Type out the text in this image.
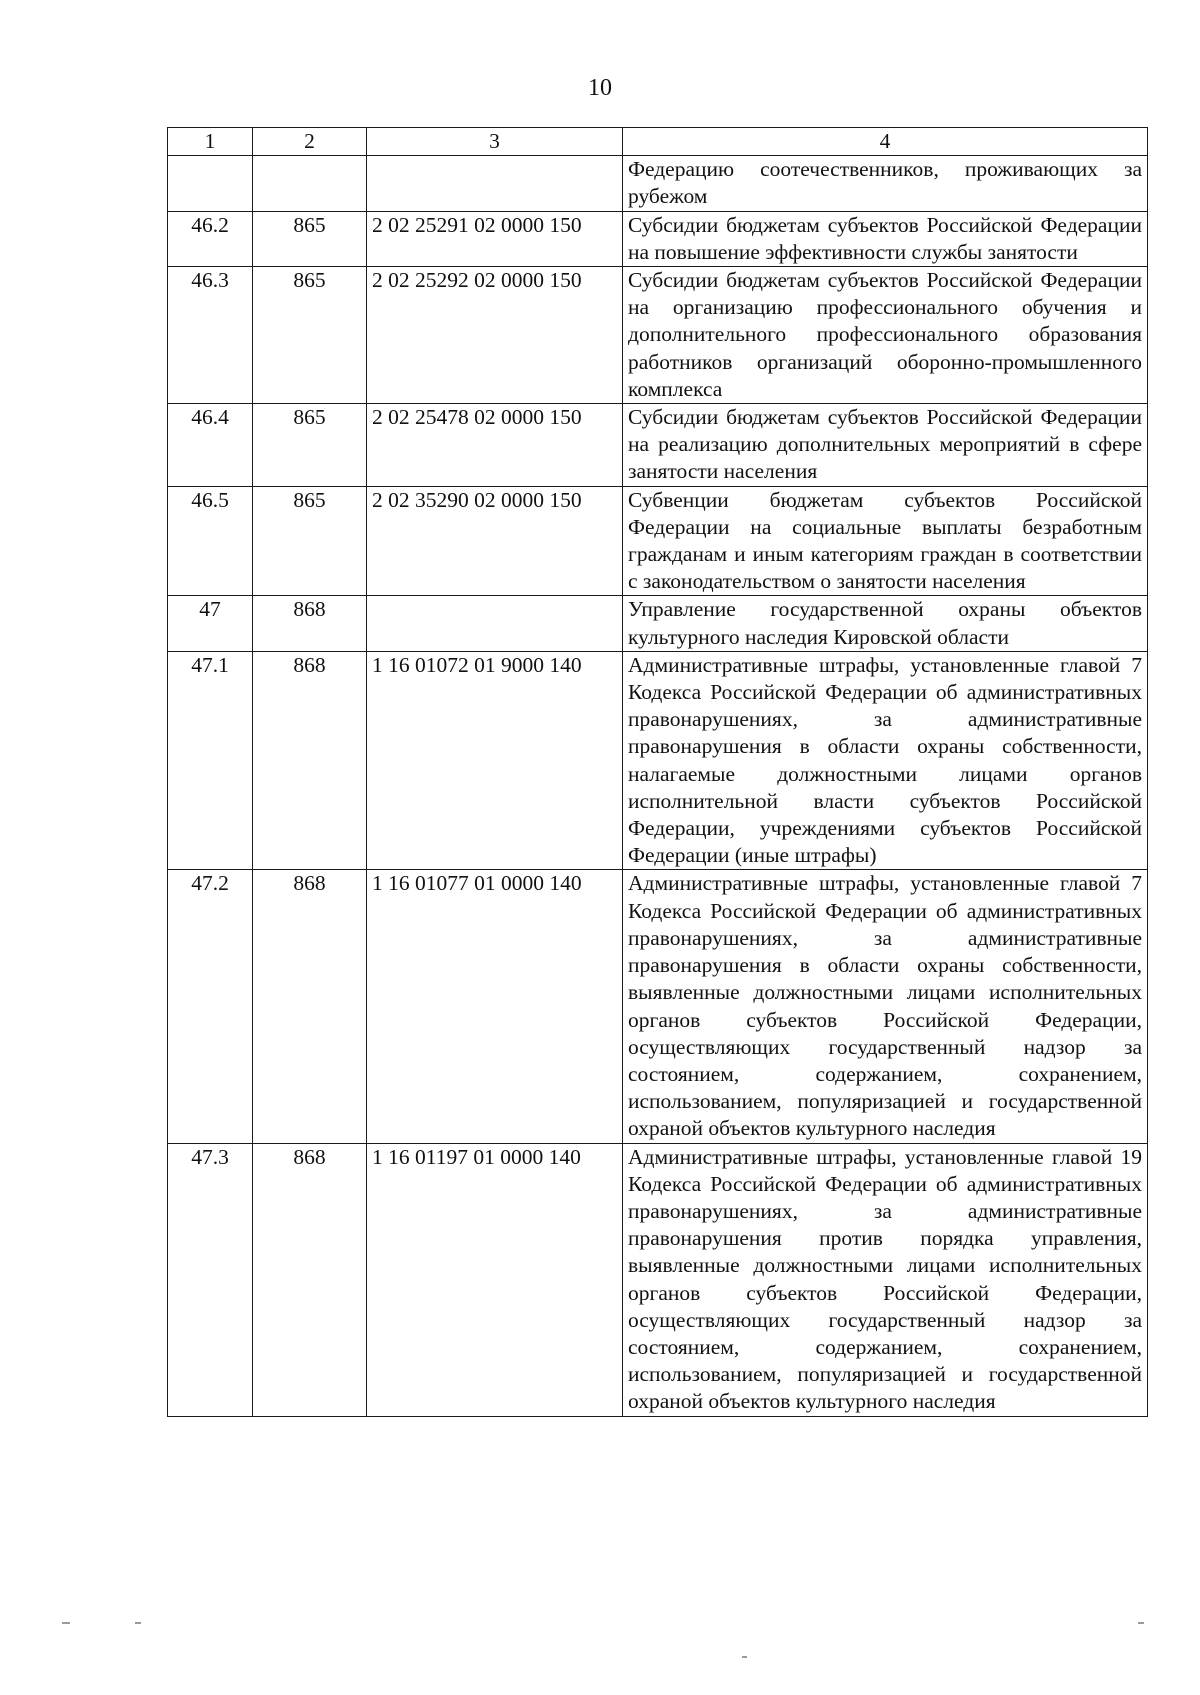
10
1	2	3	4
			Федерацию соотечественников, проживающих за рубежом
46.2	865	2 02 25291 02 0000 150	Субсидии бюджетам субъектов Российской Федерации на повышение эффективности службы занятости
46.3	865	2 02 25292 02 0000 150	Субсидии бюджетам субъектов Российской Федерации на организацию профессионального обучения и дополнительного профессионального образования работников организаций оборонно-промышленного комплекса
46.4	865	2 02 25478 02 0000 150	Субсидии бюджетам субъектов Российской Федерации на реализацию дополнительных мероприятий в сфере занятости населения
46.5	865	2 02 35290 02 0000 150	Субвенции бюджетам субъектов Российской Федерации на социальные выплаты безработным гражданам и иным категориям граждан в соответствии с законодательством о занятости населения
47	868		Управление государственной охраны объектов культурного наследия Кировской области
47.1	868	1 16 01072 01 9000 140	Административные штрафы, установленные главой 7 Кодекса Российской Федерации об административных правонарушениях, за административные правонарушения в области охраны собственности, налагаемые должностными лицами органов исполнительной власти субъектов Российской Федерации, учреждениями субъектов Российской Федерации (иные штрафы)
47.2	868	1 16 01077 01 0000 140	Административные штрафы, установленные главой 7 Кодекса Российской Федерации об административных правонарушениях, за административные правонарушения в области охраны собственности, выявленные должностными лицами исполнительных органов субъектов Российской Федерации, осуществляющих государственный надзор за состоянием, содержанием, сохранением, использованием, популяризацией и государственной охраной объектов культурного наследия
47.3	868	1 16 01197 01 0000 140	Административные штрафы, установленные главой 19 Кодекса Российской Федерации об административных правонарушениях, за административные правонарушения против порядка управления, выявленные должностными лицами исполнительных органов субъектов Российской Федерации, осуществляющих государственный надзор за состоянием, содержанием, сохранением, использованием, популяризацией и государственной охраной объектов культурного наследия
